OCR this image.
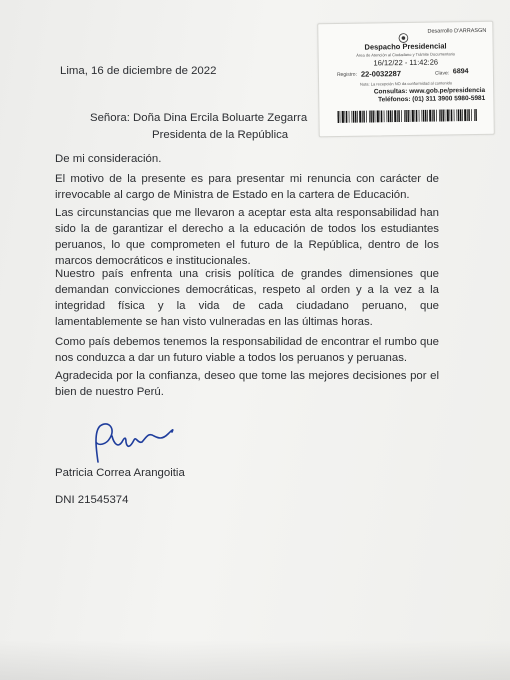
Desarrollo D'ARRASGN

Despacho Presidencial

Área de Atención al Ciudadano y Trámite Documentario

16/12/22 - 11:42:26

Registro: 22-0032287	Clave: 6894

Nota: La recepción NO da conformidad al contenido

Consultas: www.gob.pe/presidencia

Teléfonos: (01) 311 3900 5980-5981

Lima, 16 de diciembre de 2022

Señora: Doña Dina Ercila Boluarte Zegarra

Presidenta de la República

De mi consideración.

El motivo de la presente es para presentar mi renuncia con carácter de irrevocable al cargo de Ministra de Estado en la cartera de Educación.

Las circunstancias que me llevaron a aceptar esta alta responsabilidad han sido la de garantizar el derecho a la educación de todos los estudiantes peruanos, lo que comprometen el futuro de la República, dentro de los marcos democráticos e institucionales.

Nuestro país enfrenta una crisis política de grandes dimensiones que demandan convicciones democráticas, respeto al orden y a la vez a la integridad física y la vida de cada ciudadano peruano, que lamentablemente se han visto vulneradas en las últimas horas.

Como país debemos tenemos la responsabilidad de encontrar el rumbo que nos conduzca a dar un futuro viable a todos los peruanos y peruanas.

Agradecida por la confianza, deseo que tome las mejores decisiones por el bien de nuestro Perú.

Patricia Correa Arangoitia

DNI 21545374
